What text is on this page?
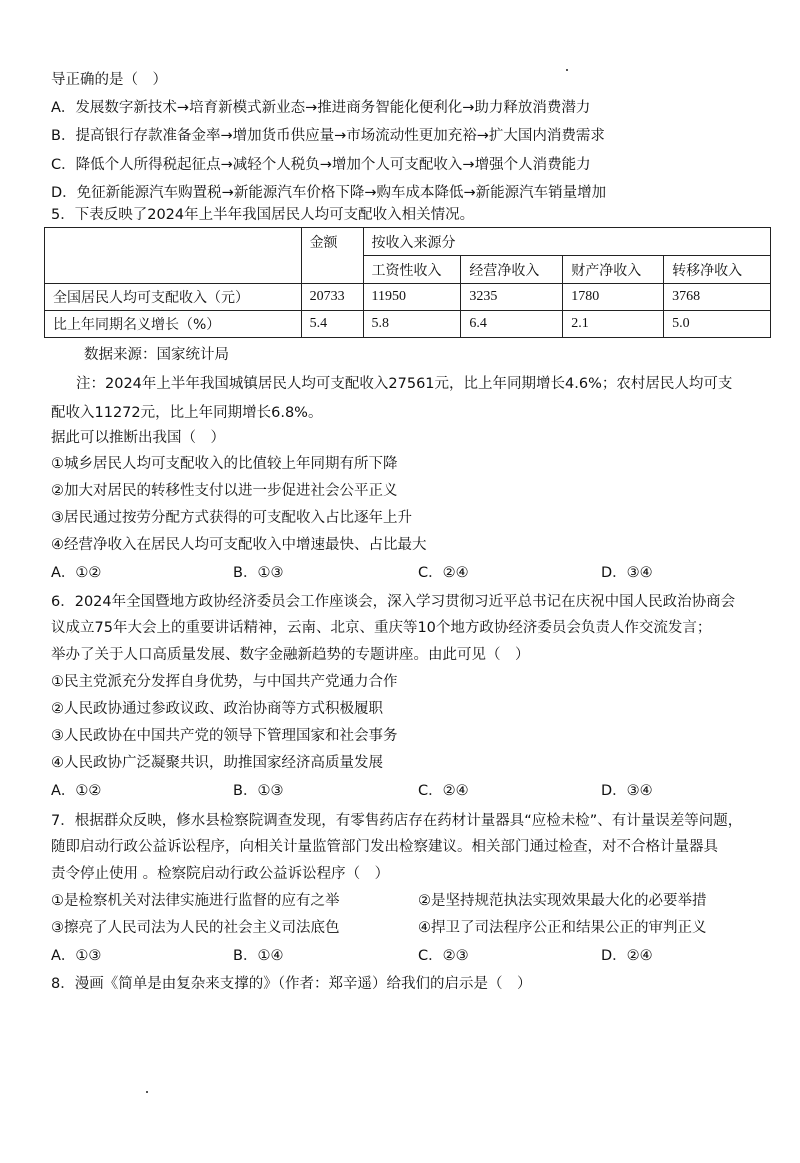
导正确的是（　）
A．发展数字新技术→培育新模式新业态→推进商务智能化便利化→助力释放消费潜力
B．提高银行存款准备金率→增加货币供应量→市场流动性更加充裕→扩大国内消费需求
C．降低个人所得税起征点→减轻个人税负→增加个人可支配收入→增强个人消费能力
D．免征新能源汽车购置税→新能源汽车价格下降→购车成本降低→新能源汽车销量增加
5．下表反映了2024年上半年我国居民人均可支配收入相关情况。
	金额	按收入来源分			
		工资性收入	经营净收入	财产净收入	转移净收入
全国居民人均可支配收入（元）	20733	11950	3235	1780	3768
比上年同期名义增长（%）	5.4	5.8	6.4	2.1	5.0
数据来源：国家统计局
注：2024年上半年我国城镇居民人均可支配收入27561元，比上年同期增长4.6%；农村居民人均可支
配收入11272元，比上年同期增长6.8%。
据此可以推断出我国（　）
①城乡居民人均可支配收入的比值较上年同期有所下降
②加大对居民的转移性支付以进一步促进社会公平正义
③居民通过按劳分配方式获得的可支配收入占比逐年上升
④经营净收入在居民人均可支配收入中增速最快、占比最大
A．①②	B．①③	C．②④	D．③④
6．2024年全国暨地方政协经济委员会工作座谈会，深入学习贯彻习近平总书记在庆祝中国人民政治协商会
议成立75年大会上的重要讲话精神，云南、北京、重庆等10个地方政协经济委员会负责人作交流发言；
举办了关于人口高质量发展、数字金融新趋势的专题讲座。由此可见（　）
①民主党派充分发挥自身优势，与中国共产党通力合作
②人民政协通过参政议政、政治协商等方式积极履职
③人民政协在中国共产党的领导下管理国家和社会事务
④人民政协广泛凝聚共识，助推国家经济高质量发展
A．①②	B．①③	C．②④	D．③④
7．根据群众反映，修水县检察院调查发现，有零售药店存在药材计量器具“应检未检”、有计量误差等问题，
随即启动行政公益诉讼程序，向相关计量监管部门发出检察建议。相关部门通过检查，对不合格计量器具
责令停止使用 。检察院启动行政公益诉讼程序（　）
①是检察机关对法律实施进行监督的应有之举	②是坚持规范执法实现效果最大化的必要举措
③擦亮了人民司法为人民的社会主义司法底色	④捍卫了司法程序公正和结果公正的审判正义
A．①③	B．①④	C．②③	D．②④
8．漫画《简单是由复杂来支撑的》（作者：郑辛遥）给我们的启示是（　）
